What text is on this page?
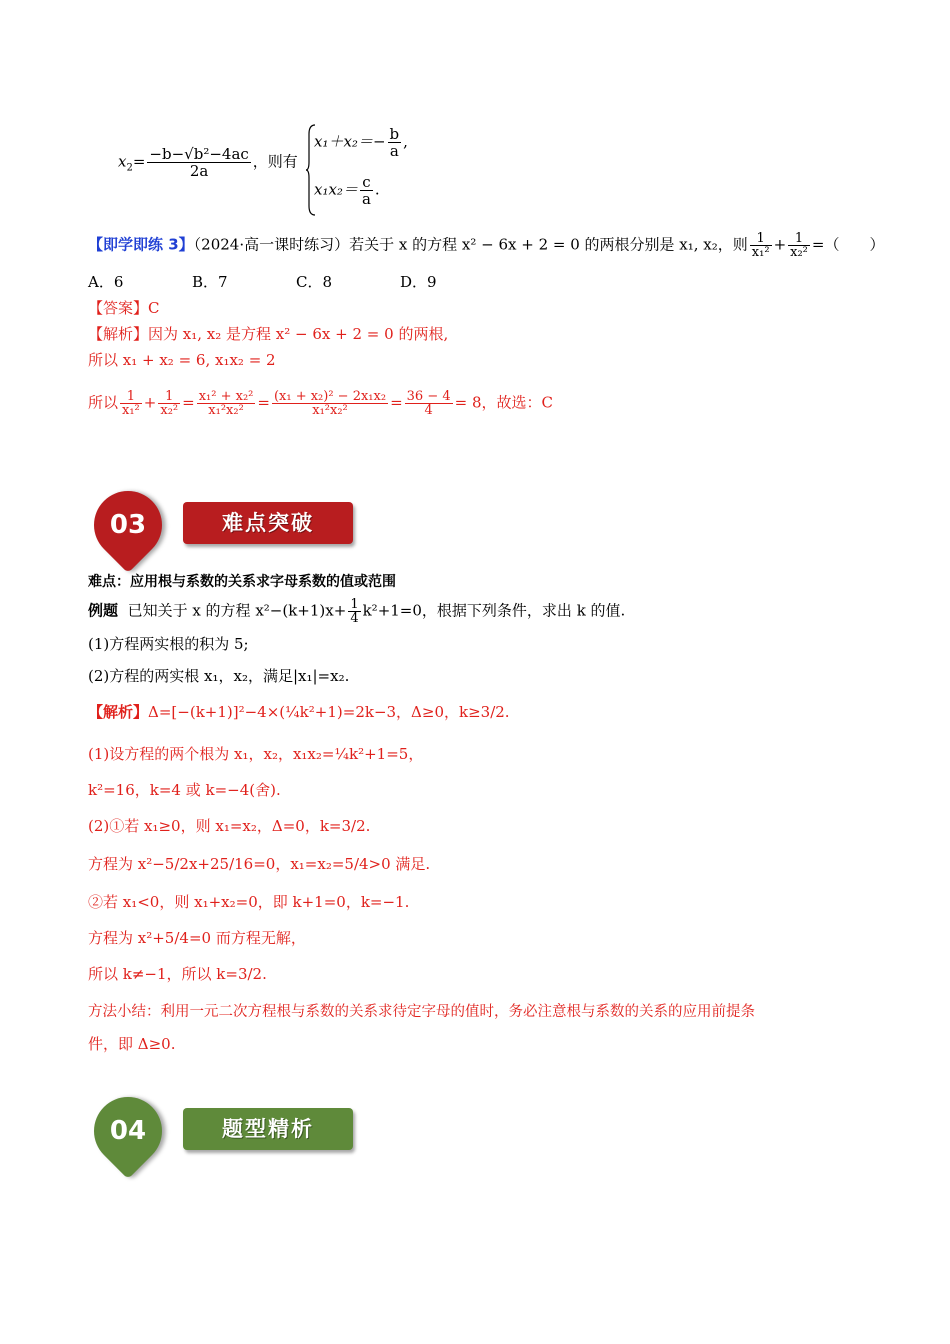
$x_2= \frac{\text{−b−√b²−4ac}}{2a}$ ，则有
$x_1+x_2=- \frac{b}{a}$ ,
$x_1x_2= \frac{c}{a}$ .
【即学即练 3】（2024·高一课时练习）若关于 x 的方程 x² − 6x + 2 = 0 的两根分别是 x₁, x₂，则 $\frac{1}{\text{x₁²}} + \frac{1}{\text{x₂²}}$ =（　　）
A．6	B．7	C．8	D．9
【答案】C
【解析】因为 x₁, x₂ 是方程 x² − 6x + 2 = 0 的两根,
所以 x₁ + x₂ = 6, x₁x₂ = 2
所以 $\frac{1}{\text{x₁²}} + \frac{1}{\text{x₂²}} = \frac{\text{x₁² + x₂²}}{\text{x₁²x₂²}} = \frac{\text{(x₁ + x₂)² − 2x₁x₂}}{\text{x₁²x₂²}} = \frac{36 - 4}{4} = 8$，故选：C
03	难点突破
难点：应用根与系数的关系求字母系数的值或范围
例题 已知关于 x 的方程 $x^2-(k+1)x+ \frac{1}{4} k^2+1=0$，根据下列条件，求出 k 的值.
(1)方程两实根的积为 5;
(2)方程的两实根 x₁，x₂，满足|x₁|=x₂.
【解析】Δ=[−(k+1)]²−4×(¼k²+1)=2k−3，Δ≥0，k≥3/2.
(1)设方程的两个根为 x₁，x₂，x₁x₂=¼k²+1=5，
k²=16，k=4 或 k=−4(舍).
(2)①若 x₁≥0，则 x₁=x₂，Δ=0，k=3/2.
方程为 x²−5/2x+25/16=0，x₁=x₂=5/4>0 满足.
②若 x₁<0，则 x₁+x₂=0，即 k+1=0，k=−1.
方程为 x²+5/4=0 而方程无解，
所以 k≠−1，所以 k=3/2.
方法小结：利用一元二次方程根与系数的关系求待定字母的值时，务必注意根与系数的关系的应用前提条
件，即 Δ≥0.
04	题型精析
